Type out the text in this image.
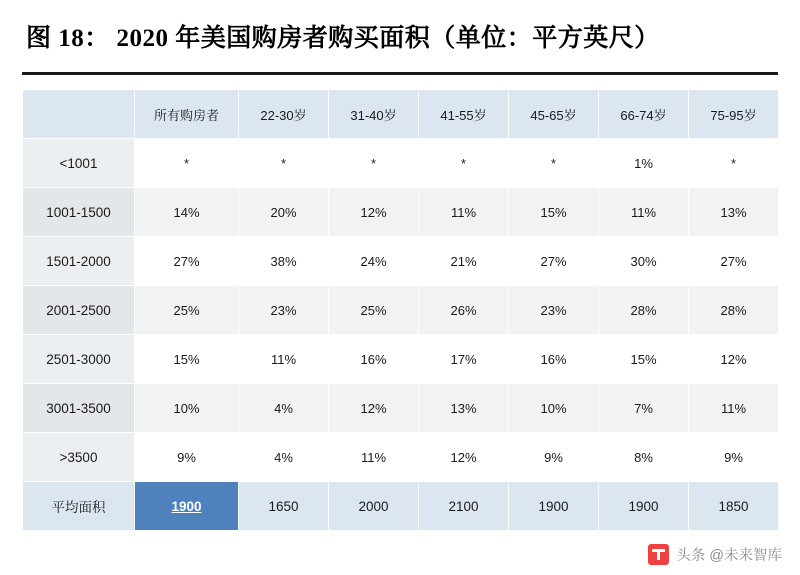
图 18： 2020 年美国购房者购买面积（单位：平方英尺）
	所有购房者	22-30岁	31-40岁	41-55岁	45-65岁	66-74岁	75-95岁
<1001	*	*	*	*	*	1%	*
1001-1500	14%	20%	12%	11%	15%	11%	13%
1501-2000	27%	38%	24%	21%	27%	30%	27%
2001-2500	25%	23%	25%	26%	23%	28%	28%
2501-3000	15%	11%	16%	17%	16%	15%	12%
3001-3500	10%	4%	12%	13%	10%	7%	11%
>3500	9%	4%	11%	12%	9%	8%	9%
平均面积	1900	1650	2000	2100	1900	1900	1850
头条 @未来智库
